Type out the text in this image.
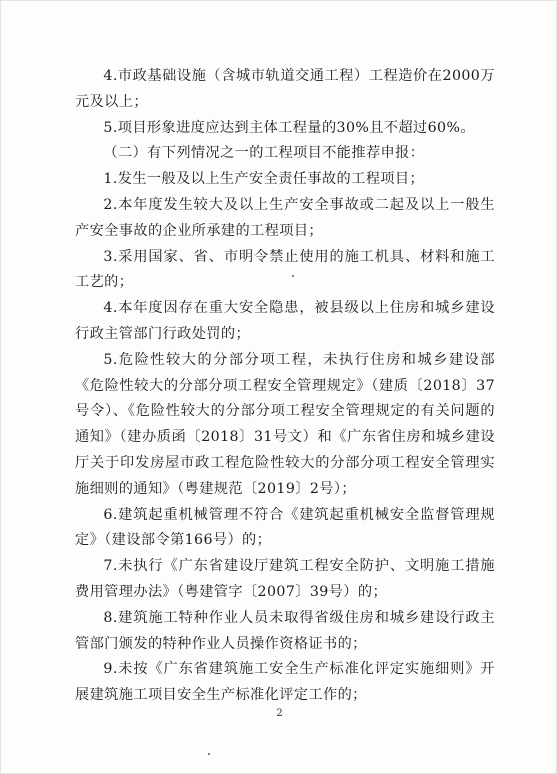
4.市政基础设施（含城市轨道交通工程）工程造价在2000万元及以上；

5.项目形象进度应达到主体工程量的30%且不超过60%。

（二）有下列情况之一的工程项目不能推荐申报：

1.发生一般及以上生产安全责任事故的工程项目；

2.本年度发生较大及以上生产安全事故或二起及以上一般生产安全事故的企业所承建的工程项目；

3.采用国家、省、市明令禁止使用的施工机具、材料和施工工艺的；

4.本年度因存在重大安全隐患，被县级以上住房和城乡建设行政主管部门行政处罚的；

5.危险性较大的分部分项工程，未执行住房和城乡建设部《危险性较大的分部分项工程安全管理规定》（建质〔2018〕37号令）、《危险性较大的分部分项工程安全管理规定的有关问题的通知》（建办质函〔2018〕31号文）和《广东省住房和城乡建设厅关于印发房屋市政工程危险性较大的分部分项工程安全管理实施细则的通知》（粤建规范〔2019〕2号）；

6.建筑起重机械管理不符合《建筑起重机械安全监督管理规定》（建设部令第166号）的；

7.未执行《广东省建设厅建筑工程安全防护、文明施工措施费用管理办法》（粤建管字〔2007〕39号）的；

8.建筑施工特种作业人员未取得省级住房和城乡建设行政主管部门颁发的特种作业人员操作资格证书的；

9.未按《广东省建筑施工安全生产标准化评定实施细则》开展建筑施工项目安全生产标准化评定工作的；

2
